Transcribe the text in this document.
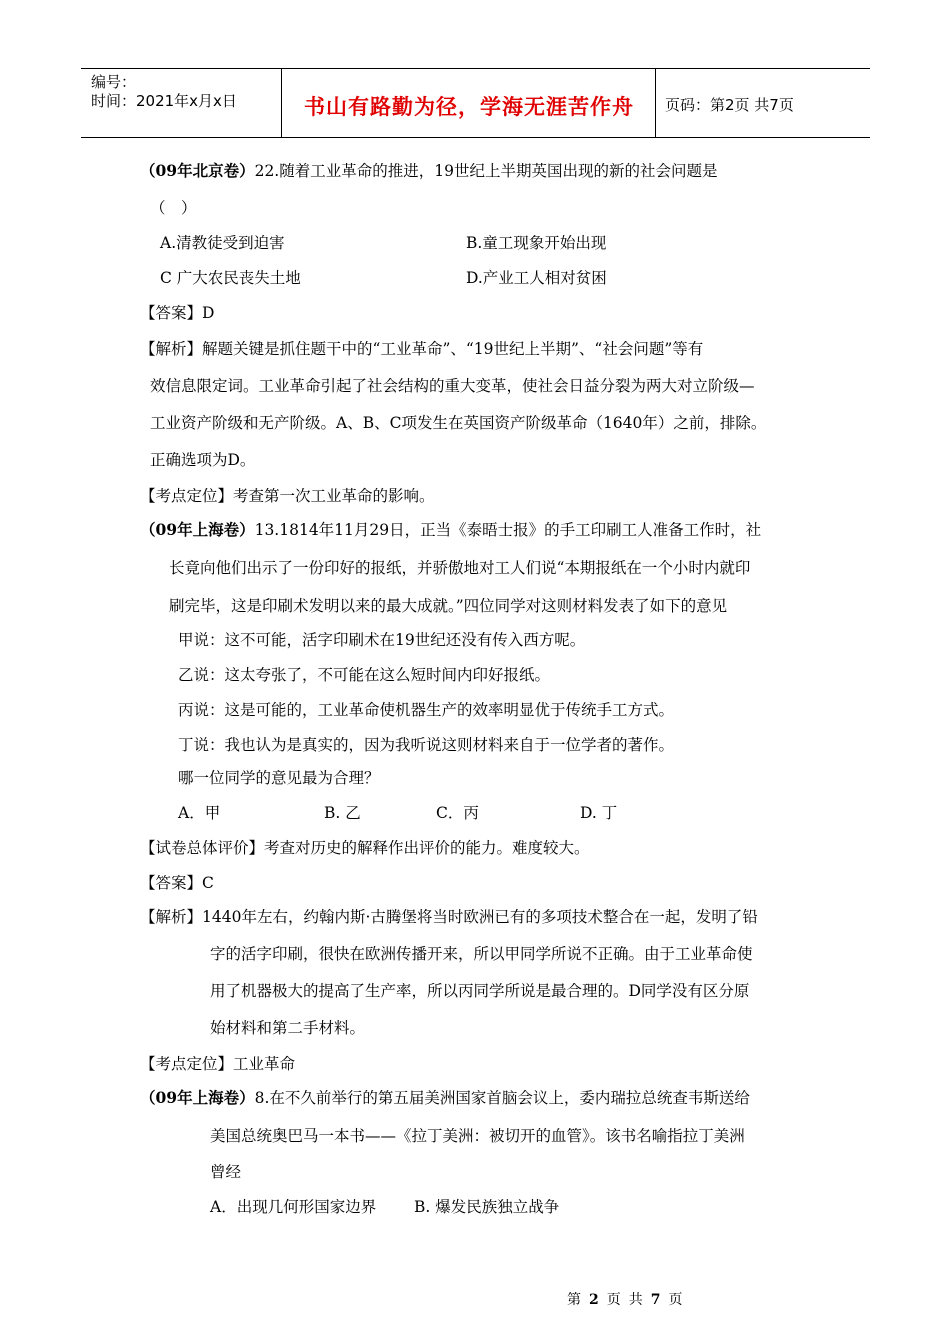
编号：
时间：2021年x月x日	书山有路勤为径，学海无涯苦作舟	页码：第2页 共7页
（09年北京卷）22.随着工业革命的推进，19世纪上半期英国出现的新的社会问题是
（　）
A.清教徒受到迫害	B.童工现象开始出现
C 广大农民丧失土地	D.产业工人相对贫困
【答案】D
【解析】解题关键是抓住题干中的“工业革命”、“19世纪上半期”、“社会问题”等有
效信息限定词。工业革命引起了社会结构的重大变革，使社会日益分裂为两大对立阶级—
工业资产阶级和无产阶级。A、B、C项发生在英国资产阶级革命（1640年）之前，排除。
正确选项为D。
【考点定位】考查第一次工业革命的影响。
（09年上海卷）13.1814年11月29日，正当《泰晤士报》的手工印刷工人准备工作时，社
长竟向他们出示了一份印好的报纸，并骄傲地对工人们说“本期报纸在一个小时内就印
刷完毕，这是印刷术发明以来的最大成就。”四位同学对这则材料发表了如下的意见
甲说：这不可能，活字印刷术在19世纪还没有传入西方呢。
乙说：这太夸张了，不可能在这么短时间内印好报纸。
丙说：这是可能的，工业革命使机器生产的效率明显优于传统手工方式。
丁说：我也认为是真实的，因为我听说这则材料来自于一位学者的著作。
哪一位同学的意见最为合理？
A．甲	B. 乙	C．丙	D. 丁
【试卷总体评价】考查对历史的解释作出评价的能力。难度较大。
【答案】C
【解析】1440年左右，约翰内斯·古腾堡将当时欧洲已有的多项技术整合在一起，发明了铅
字的活字印刷，很快在欧洲传播开来，所以甲同学所说不正确。由于工业革命使
用了机器极大的提高了生产率，所以丙同学所说是最合理的。D同学没有区分原
始材料和第二手材料。
【考点定位】工业革命
（09年上海卷）8.在不久前举行的第五届美洲国家首脑会议上，委内瑞拉总统查韦斯送给
美国总统奥巴马一本书——《拉丁美洲：被切开的血管》。该书名喻指拉丁美洲
曾经
A．出现几何形国家边界 B. 爆发民族独立战争
第 2 页 共 7 页
